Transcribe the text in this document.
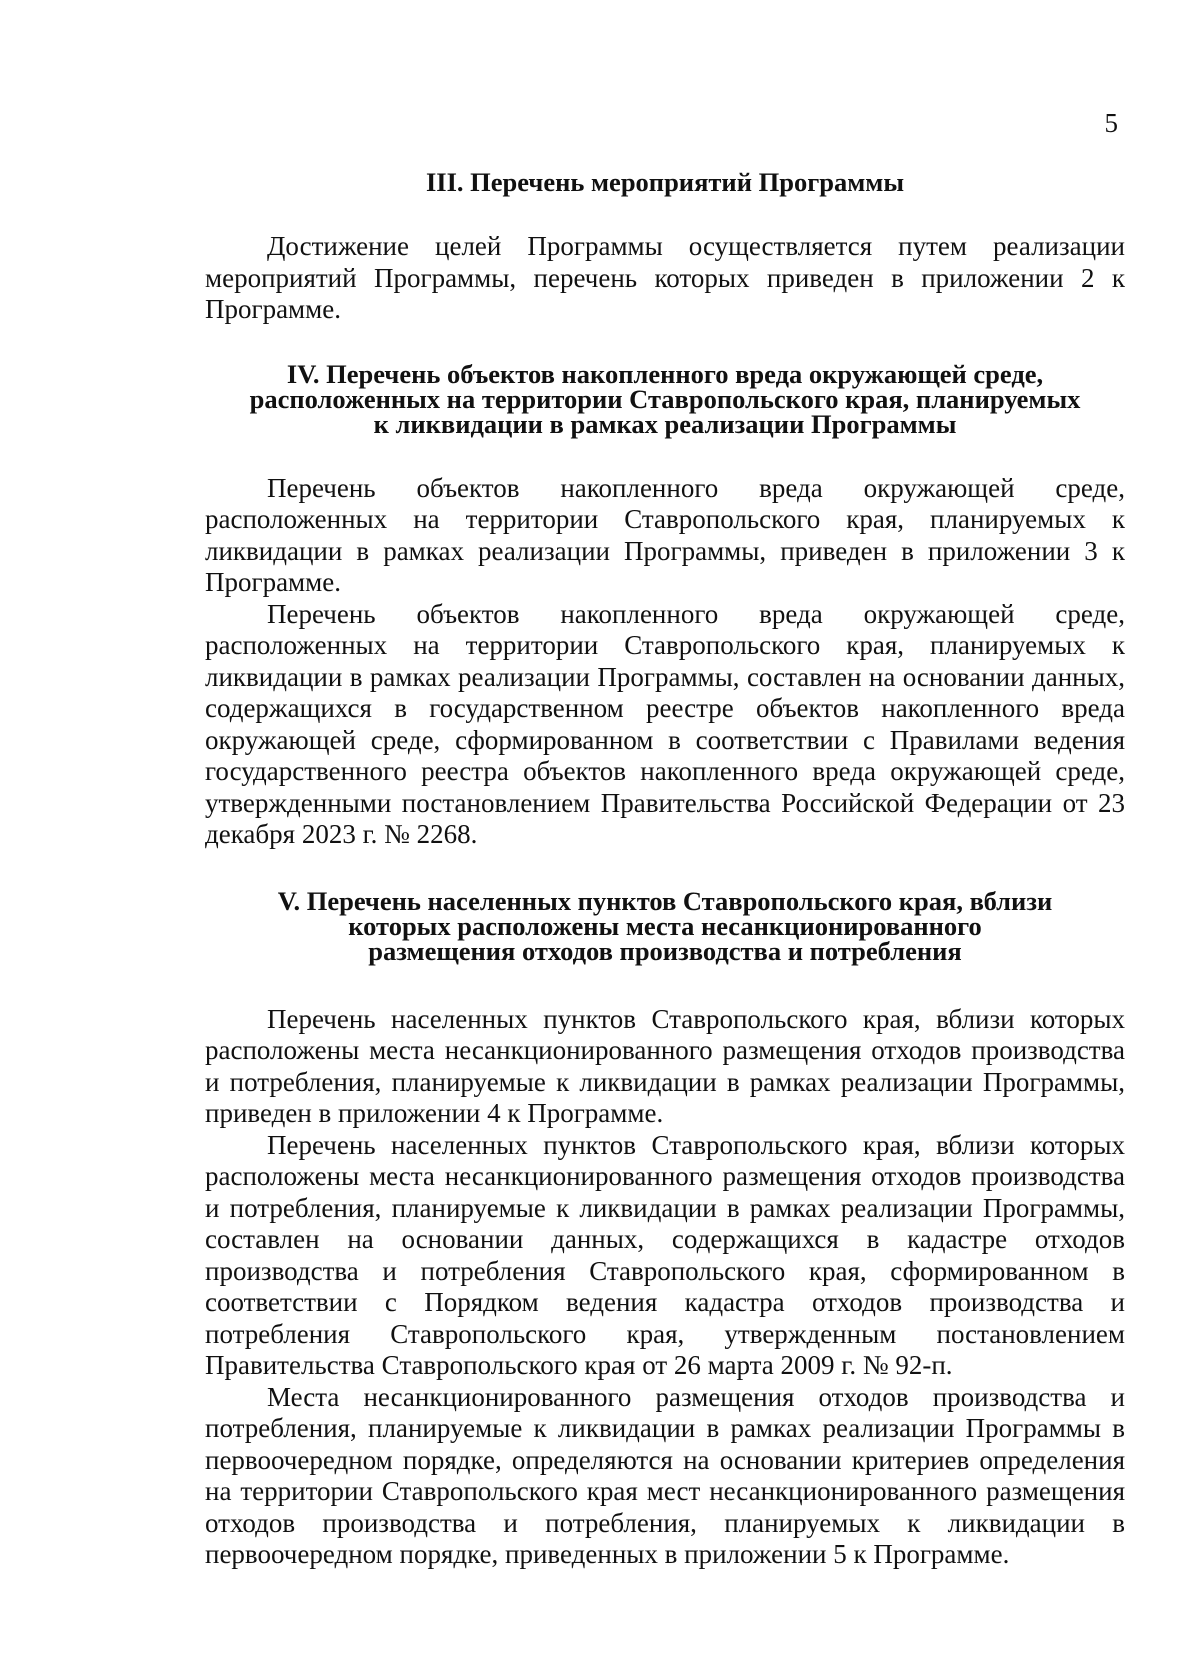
5
III. Перечень мероприятий Программы

Достижение целей Программы осуществляется путем реализации мероприятий Программы, перечень которых приведен в приложении 2 к Программе.

IV. Перечень объектов накопленного вреда окружающей среде,
расположенных на территории Ставропольского края, планируемых
к ликвидации в рамках реализации Программы

Перечень объектов накопленного вреда окружающей среде, расположенных на территории Ставропольского края, планируемых к ликвидации в рамках реализации Программы, приведен в приложении 3 к Программе.

Перечень объектов накопленного вреда окружающей среде, расположенных на территории Ставропольского края, планируемых к ликвидации в рамках реализации Программы, составлен на основании данных, содержащихся в государственном реестре объектов накопленного вреда окружающей среде, сформированном в соответствии с Правилами ведения государственного реестра объектов накопленного вреда окружающей среде, утвержденными постановлением Правительства Российской Федерации от 23 декабря 2023 г. № 2268.

V. Перечень населенных пунктов Ставропольского края, вблизи
которых расположены места несанкционированного
размещения отходов производства и потребления

Перечень населенных пунктов Ставропольского края, вблизи которых расположены места несанкционированного размещения отходов производства и потребления, планируемые к ликвидации в рамках реализации Программы, приведен в приложении 4 к Программе.

Перечень населенных пунктов Ставропольского края, вблизи которых расположены места несанкционированного размещения отходов производства и потребления, планируемые к ликвидации в рамках реализации Программы, составлен на основании данных, содержащихся в кадастре отходов производства и потребления Ставропольского края, сформированном в соответствии с Порядком ведения кадастра отходов производства и потребления Ставропольского края, утвержденным постановлением Правительства Ставропольского края от 26 марта 2009 г. № 92-п.

Места несанкционированного размещения отходов производства и потребления, планируемые к ликвидации в рамках реализации Программы в первоочередном порядке, определяются на основании критериев определения на территории Ставропольского края мест несанкционированного размещения отходов производства и потребления, планируемых к ликвидации в первоочередном порядке, приведенных в приложении 5 к Программе.
